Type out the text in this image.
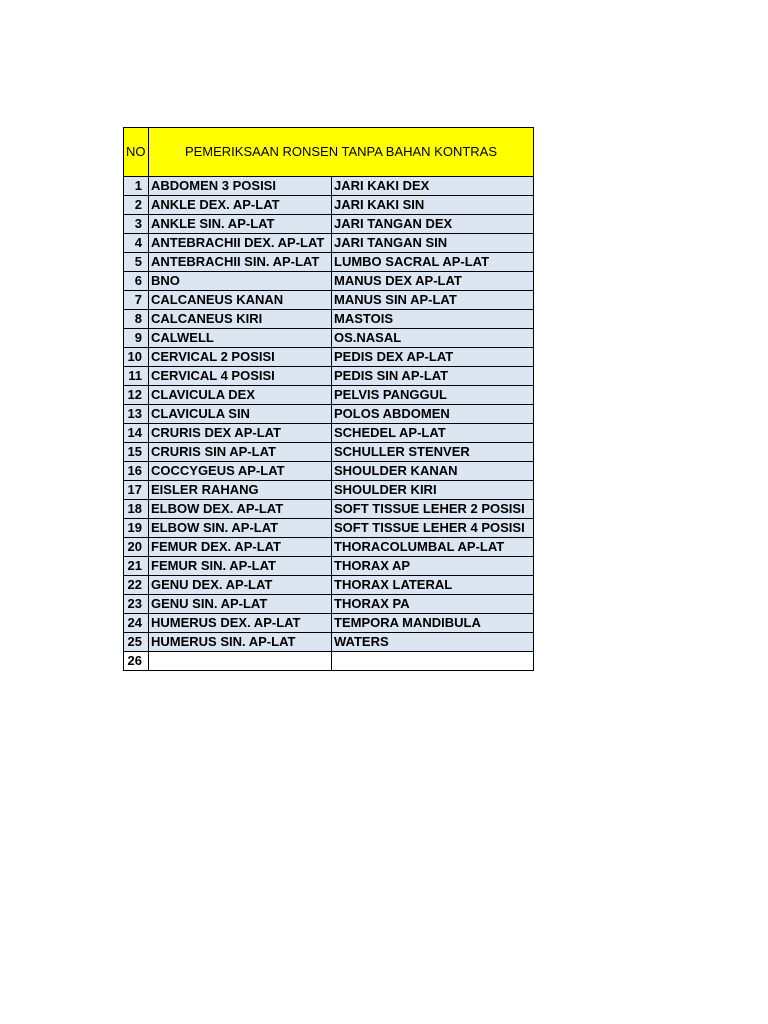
NO	PEMERIKSAAN RONSEN TANPA BAHAN KONTRAS	
1	ABDOMEN 3 POSISI	JARI KAKI DEX
2	ANKLE DEX. AP-LAT	JARI KAKI SIN
3	ANKLE SIN. AP-LAT	JARI TANGAN DEX
4	ANTEBRACHII DEX. AP-LAT	JARI TANGAN SIN
5	ANTEBRACHII SIN. AP-LAT	LUMBO SACRAL AP-LAT
6	BNO	MANUS DEX AP-LAT
7	CALCANEUS KANAN	MANUS SIN AP-LAT
8	CALCANEUS KIRI	MASTOIS
9	CALWELL	OS.NASAL
10	CERVICAL 2 POSISI	PEDIS DEX AP-LAT
11	CERVICAL 4 POSISI	PEDIS SIN AP-LAT
12	CLAVICULA DEX	PELVIS PANGGUL
13	CLAVICULA SIN	POLOS ABDOMEN
14	CRURIS DEX AP-LAT	SCHEDEL AP-LAT
15	CRURIS SIN AP-LAT	SCHULLER STENVER
16	COCCYGEUS AP-LAT	SHOULDER KANAN
17	EISLER RAHANG	SHOULDER KIRI
18	ELBOW DEX. AP-LAT	SOFT TISSUE LEHER 2 POSISI
19	ELBOW SIN. AP-LAT	SOFT TISSUE LEHER 4 POSISI
20	FEMUR DEX. AP-LAT	THORACOLUMBAL AP-LAT
21	FEMUR SIN. AP-LAT	THORAX AP
22	GENU DEX. AP-LAT	THORAX LATERAL
23	GENU SIN. AP-LAT	THORAX PA
24	HUMERUS DEX. AP-LAT	TEMPORA MANDIBULA
25	HUMERUS SIN. AP-LAT	WATERS
26		
